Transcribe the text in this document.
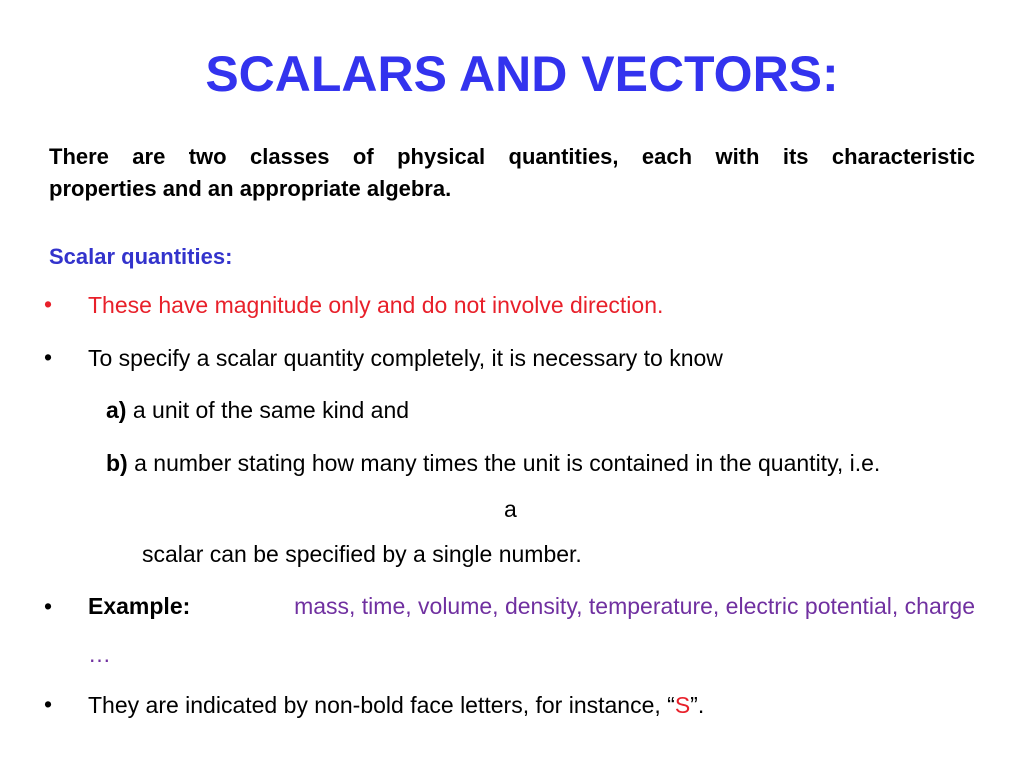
SCALARS AND VECTORS:
There are two classes of physical quantities, each with its characteristic
properties and an appropriate algebra.
Scalar quantities:
• These have magnitude only and do not involve direction.
• To specify a scalar quantity completely, it is necessary to know
a) a unit of the same kind and
b) a number stating how many times the unit is contained in the quantity, i.e.
a
scalar can be specified by a single number.
• Example:	mass, time, volume, density, temperature, electric potential, charge
…
• They are indicated by non-bold face letters, for instance, “S”.
